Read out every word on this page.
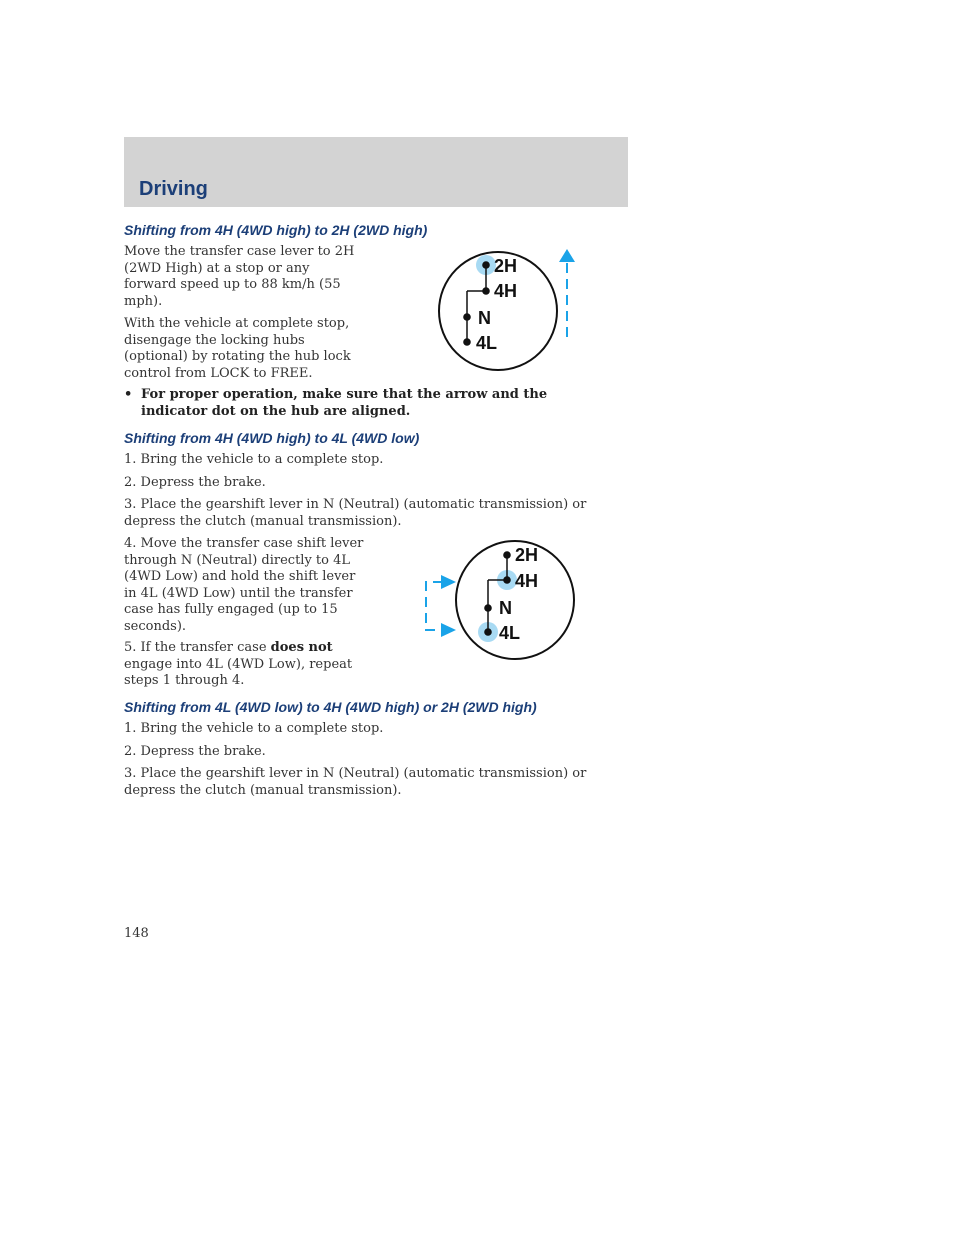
Driving
Shifting from 4H (4WD high) to 2H (2WD high)
Move the transfer case lever to 2H
(2WD High) at a stop or any
forward speed up to 88 km/h (55
mph).
With the vehicle at complete stop,
disengage the locking hubs
(optional) by rotating the hub lock
control from LOCK to FREE.
• For proper operation, make sure that the arrow and the
indicator dot on the hub are aligned.
2H
4H
N
4L
Shifting from 4H (4WD high) to 4L (4WD low)
1. Bring the vehicle to a complete stop.
2. Depress the brake.
3. Place the gearshift lever in N (Neutral) (automatic transmission) or
depress the clutch (manual transmission).
4. Move the transfer case shift lever
through N (Neutral) directly to 4L
(4WD Low) and hold the shift lever
in 4L (4WD Low) until the transfer
case has fully engaged (up to 15
seconds).
5. If the transfer case does not
engage into 4L (4WD Low), repeat
steps 1 through 4.
2H
4H
N
4L
Shifting from 4L (4WD low) to 4H (4WD high) or 2H (2WD high)
1. Bring the vehicle to a complete stop.
2. Depress the brake.
3. Place the gearshift lever in N (Neutral) (automatic transmission) or
depress the clutch (manual transmission).
148
